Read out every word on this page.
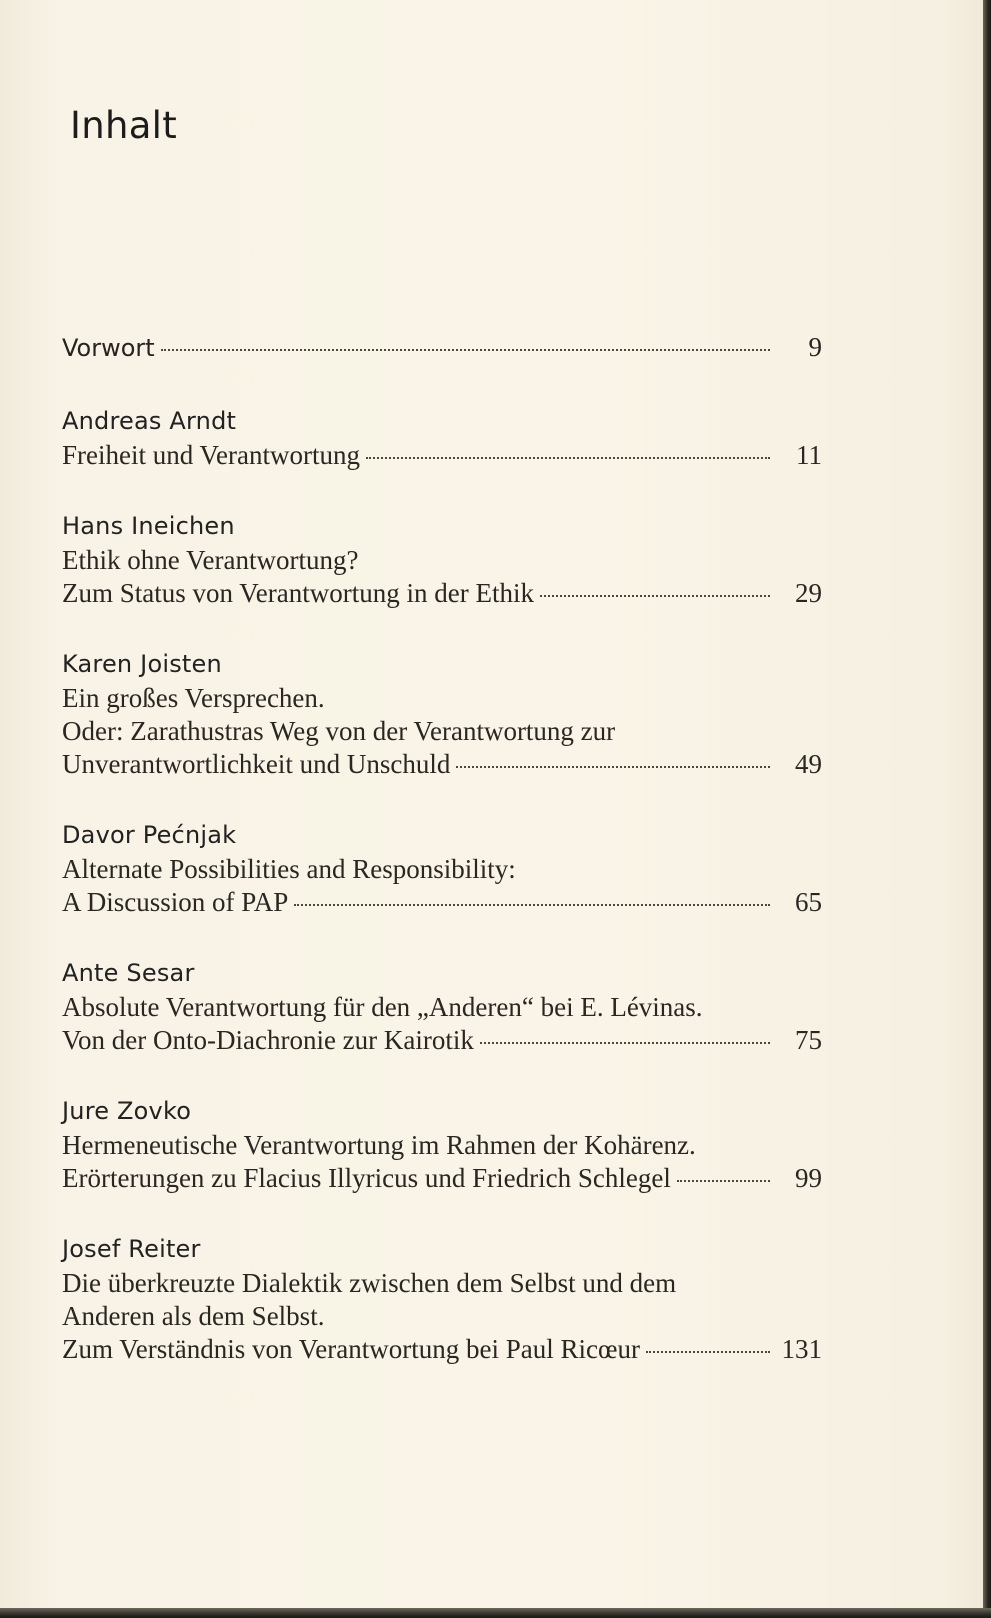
Inhalt
Vorwort	9
Andreas Arndt
Freiheit und Verantwortung	11
Hans Ineichen
Ethik ohne Verantwortung?
Zum Status von Verantwortung in der Ethik	29
Karen Joisten
Ein großes Versprechen.
Oder: Zarathustras Weg von der Verantwortung zur
Unverantwortlichkeit und Unschuld	49
Davor Pećnjak
Alternate Possibilities and Responsibility:
A Discussion of PAP	65
Ante Sesar
Absolute Verantwortung für den „Anderen“ bei E. Lévinas.
Von der Onto-Diachronie zur Kairotik	75
Jure Zovko
Hermeneutische Verantwortung im Rahmen der Kohärenz.
Erörterungen zu Flacius Illyricus und Friedrich Schlegel	99
Josef Reiter
Die überkreuzte Dialektik zwischen dem Selbst und dem
Anderen als dem Selbst.
Zum Verständnis von Verantwortung bei Paul Ricœur	131
